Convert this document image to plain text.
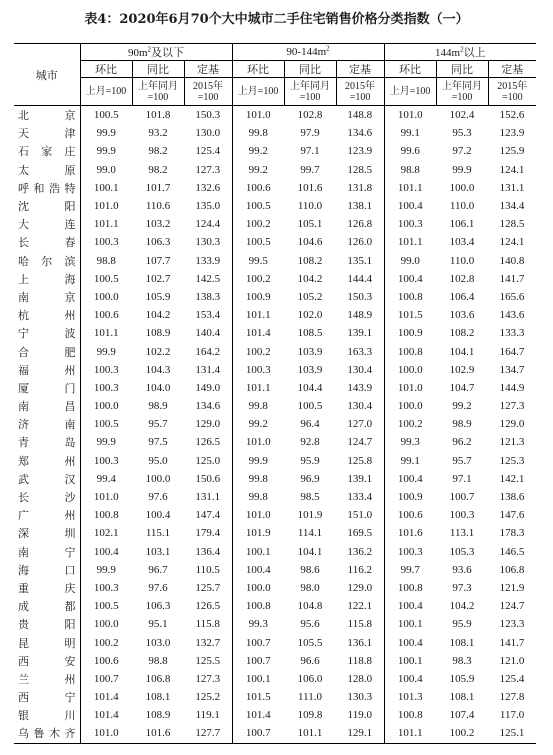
表4：2020年6月70个大中城市二手住宅销售价格分类指数（一）
城市	$90m^2$及以下			$90-144m^2$			$144m^2$以上		
	环比	同比	定基	环比	同比	定基	环比	同比	定基
	上月=100	上年同月=100	2015年=100	上月=100	上年同月=100	2015年=100	上月=100	上年同月=100	2015年=100
北　京	100.5	101.8	150.3	101.0	102.8	148.8	101.0	102.4	152.6
天　津	99.9	93.2	130.0	99.8	97.9	134.6	99.1	95.3	123.9
石家庄	99.9	98.2	125.4	99.2	97.1	123.9	99.6	97.2	125.9
太　原	99.0	98.2	127.3	99.2	99.7	128.5	98.8	99.9	124.1
呼和浩特	100.1	101.7	132.6	100.6	101.6	131.8	101.1	100.0	131.1
沈　阳	101.0	110.6	135.0	100.5	110.0	138.1	100.4	110.0	134.4
大　连	101.1	103.2	124.4	100.2	105.1	126.8	100.3	106.1	128.5
长　春	100.3	106.3	130.3	100.5	104.6	126.0	101.1	103.4	124.1
哈尔滨	98.8	107.7	133.9	99.5	108.2	135.1	99.0	110.0	140.8
上　海	100.5	102.7	142.5	100.2	104.2	144.4	100.4	102.8	141.7
南　京	100.0	105.9	138.3	100.9	105.2	150.3	100.8	106.4	165.6
杭　州	100.6	104.2	153.4	101.1	102.0	148.9	101.5	103.6	143.6
宁　波	101.1	108.9	140.4	101.4	108.5	139.1	100.9	108.2	133.3
合　肥	99.9	102.2	164.2	100.2	103.9	163.3	100.8	104.1	164.7
福　州	100.3	104.3	131.4	100.3	103.9	130.4	100.0	102.9	134.7
厦　门	100.3	104.0	149.0	101.1	104.4	143.9	101.0	104.7	144.9
南　昌	100.0	98.9	134.6	99.8	100.5	130.4	100.0	99.2	127.3
济　南	100.5	95.7	129.0	99.2	96.4	127.0	100.2	98.9	129.0
青　岛	99.9	97.5	126.5	101.0	92.8	124.7	99.3	96.2	121.3
郑　州	100.3	95.0	125.0	99.9	95.9	125.8	99.1	95.7	125.3
武　汉	99.4	100.0	150.6	99.8	96.9	139.1	100.4	97.1	142.1
长　沙	101.0	97.6	131.1	99.8	98.5	133.4	100.9	100.7	138.6
广　州	100.8	100.4	147.4	101.0	101.9	151.0	100.6	100.3	147.6
深　圳	102.1	115.1	179.4	101.9	114.1	169.5	101.6	113.1	178.3
南　宁	100.4	103.1	136.4	100.1	104.1	136.2	100.3	105.3	146.5
海　口	99.9	96.7	110.5	100.4	98.6	116.2	99.7	93.6	106.8
重　庆	100.3	97.6	125.7	100.0	98.0	129.0	100.8	97.3	121.9
成　都	100.5	106.3	126.5	100.8	104.8	122.1	100.4	104.2	124.7
贵　阳	100.0	95.1	115.8	99.3	95.6	115.8	100.1	95.9	123.3
昆　明	100.2	103.0	132.7	100.7	105.5	136.1	100.4	108.1	141.7
西　安	100.6	98.8	125.5	100.7	96.6	118.8	100.1	98.3	121.0
兰　州	100.7	106.8	127.3	100.1	106.0	128.0	100.4	105.9	125.4
西　宁	101.4	108.1	125.2	101.5	111.0	130.3	101.3	108.1	127.8
银　川	101.4	108.9	119.1	101.4	109.8	119.0	100.8	107.4	117.0
乌鲁木齐	101.0	101.6	127.7	100.7	101.1	129.1	101.1	100.2	125.1
